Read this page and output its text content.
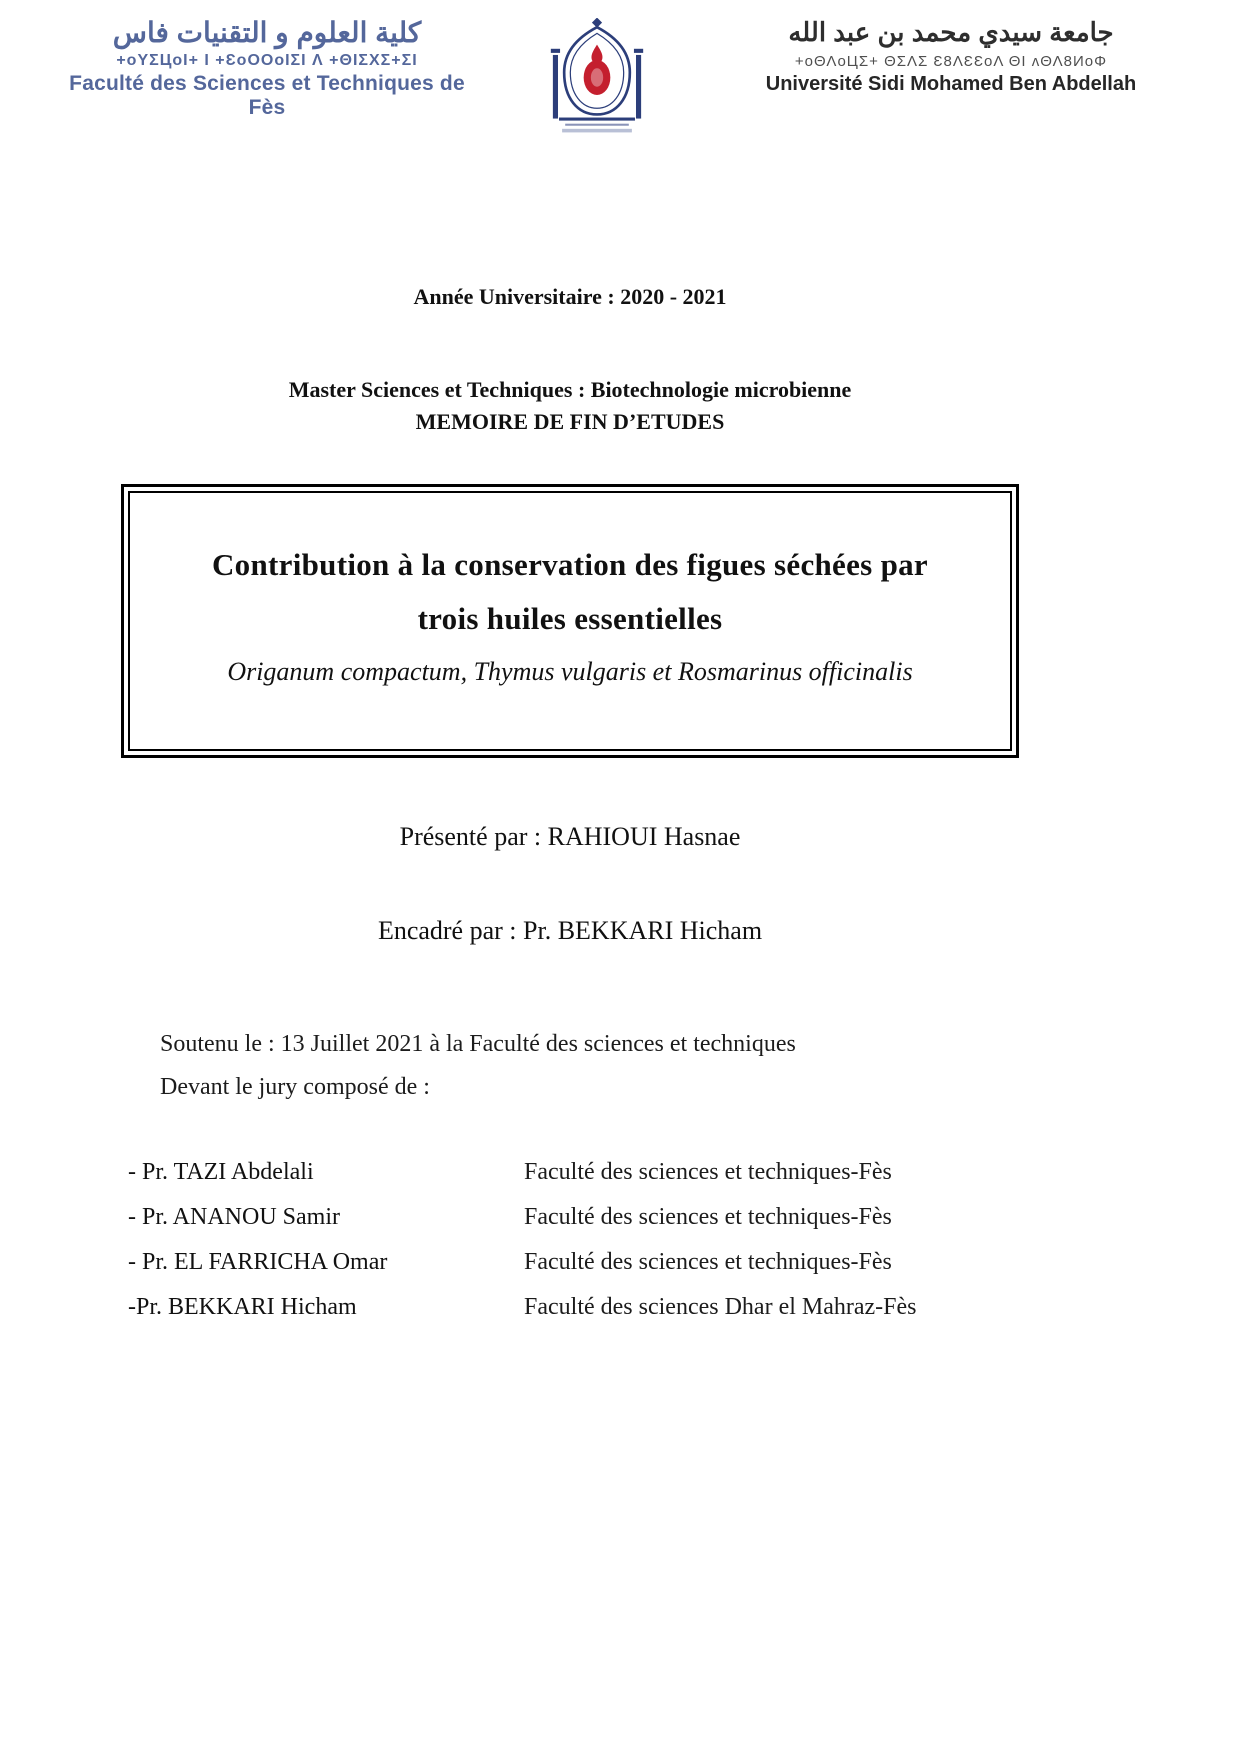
كلية العلوم و التقنيات فاس
+oYΣЦoI+ I +ƐoOOoIΣI Λ +ΘIΣΧΣ+ΣI
Faculté des Sciences et Techniques de Fès
جامعة سيدي محمد بن عبد الله
+oΘΛoЦΣ+ ΘΣΛΣ Ɛ8ΛƐƐoΛ ΘI ʌΘΛ8ИoΦ
Université Sidi Mohamed Ben Abdellah
Année Universitaire : 2020 - 2021
Master Sciences et Techniques : Biotechnologie microbienne
MEMOIRE DE FIN D’ETUDES
Contribution à la conservation des figues séchées par
trois huiles essentielles
Origanum compactum, Thymus vulgaris et Rosmarinus officinalis
Présenté par : RAHIOUI Hasnae
Encadré par : Pr. BEKKARI Hicham
Soutenu le : 13 Juillet 2021 à la Faculté des sciences et techniques
Devant le jury composé de :
- Pr. TAZI Abdelali	Faculté des sciences et techniques-Fès
- Pr. ANANOU Samir	Faculté des sciences et techniques-Fès
- Pr. EL FARRICHA Omar	Faculté des sciences et techniques-Fès
-Pr. BEKKARI Hicham	Faculté des sciences Dhar el Mahraz-Fès
